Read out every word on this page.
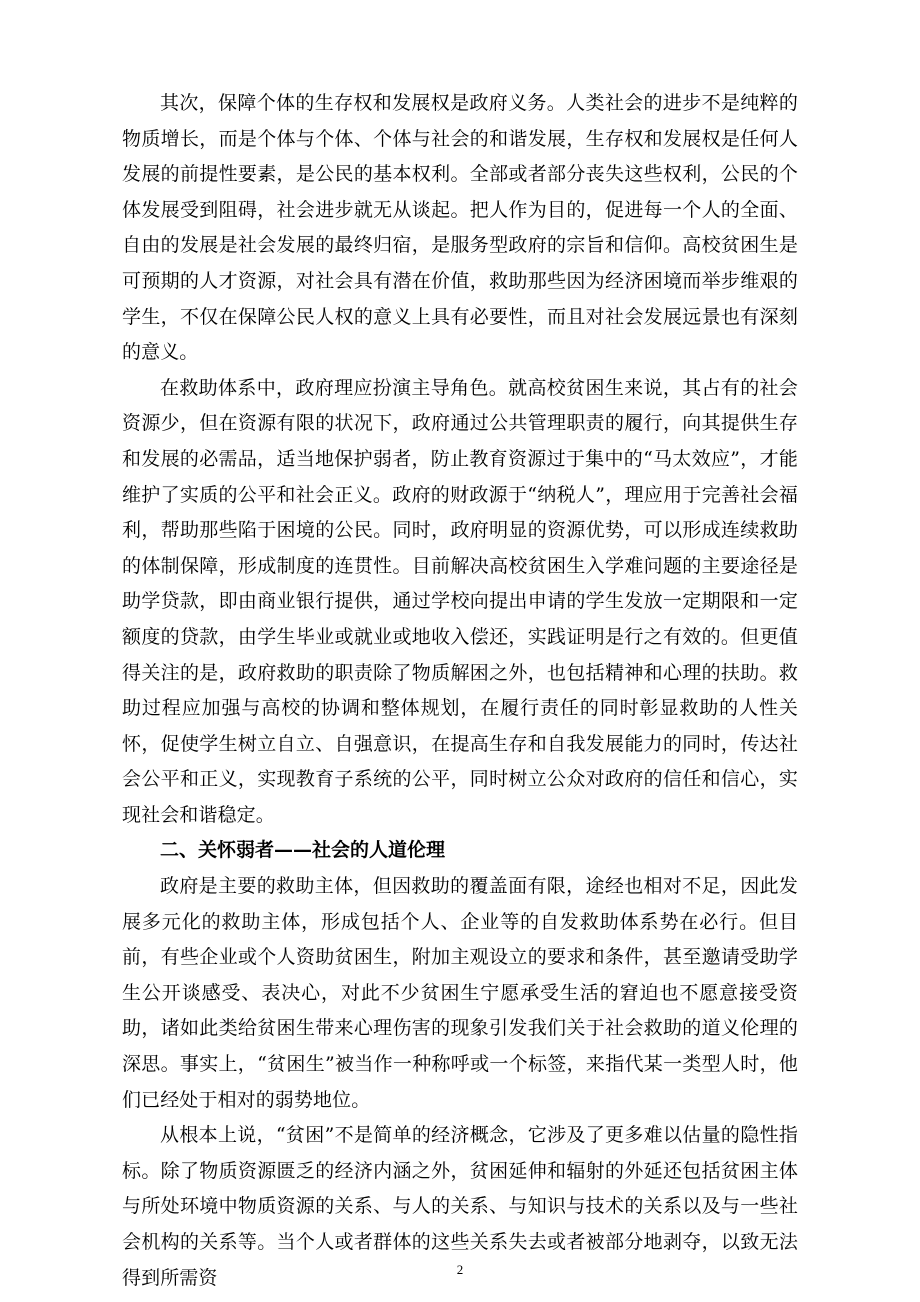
其次，保障个体的生存权和发展权是政府义务。人类社会的进步不是纯粹的物质增长，而是个体与个体、个体与社会的和谐发展，生存权和发展权是任何人发展的前提性要素，是公民的基本权利。全部或者部分丧失这些权利，公民的个体发展受到阻碍，社会进步就无从谈起。把人作为目的，促进每一个人的全面、自由的发展是社会发展的最终归宿，是服务型政府的宗旨和信仰。高校贫困生是可预期的人才资源，对社会具有潜在价值，救助那些因为经济困境而举步维艰的学生，不仅在保障公民人权的意义上具有必要性，而且对社会发展远景也有深刻的意义。

在救助体系中，政府理应扮演主导角色。就高校贫困生来说，其占有的社会资源少，但在资源有限的状况下，政府通过公共管理职责的履行，向其提供生存和发展的必需品，适当地保护弱者，防止教育资源过于集中的“马太效应”，才能维护了实质的公平和社会正义。政府的财政源于“纳税人”，理应用于完善社会福利，帮助那些陷于困境的公民。同时，政府明显的资源优势，可以形成连续救助的体制保障，形成制度的连贯性。目前解决高校贫困生入学难问题的主要途径是助学贷款，即由商业银行提供，通过学校向提出申请的学生发放一定期限和一定额度的贷款，由学生毕业或就业或地收入偿还，实践证明是行之有效的。但更值得关注的是，政府救助的职责除了物质解困之外，也包括精神和心理的扶助。救助过程应加强与高校的协调和整体规划，在履行责任的同时彰显救助的人性关怀，促使学生树立自立、自强意识，在提高生存和自我发展能力的同时，传达社会公平和正义，实现教育子系统的公平，同时树立公众对政府的信任和信心，实现社会和谐稳定。

二、关怀弱者——社会的人道伦理

政府是主要的救助主体，但因救助的覆盖面有限，途经也相对不足，因此发展多元化的救助主体，形成包括个人、企业等的自发救助体系势在必行。但目前，有些企业或个人资助贫困生，附加主观设立的要求和条件，甚至邀请受助学生公开谈感受、表决心，对此不少贫困生宁愿承受生活的窘迫也不愿意接受资助，诸如此类给贫困生带来心理伤害的现象引发我们关于社会救助的道义伦理的深思。事实上，“贫困生”被当作一种称呼或一个标签，来指代某一类型人时，他们已经处于相对的弱势地位。

从根本上说，“贫困”不是简单的经济概念，它涉及了更多难以估量的隐性指标。除了物质资源匮乏的经济内涵之外，贫困延伸和辐射的外延还包括贫困主体与所处环境中物质资源的关系、与人的关系、与知识与技术的关系以及与一些社会机构的关系等。当个人或者群体的这些关系失去或者被部分地剥夺，以致无法得到所需资	2
